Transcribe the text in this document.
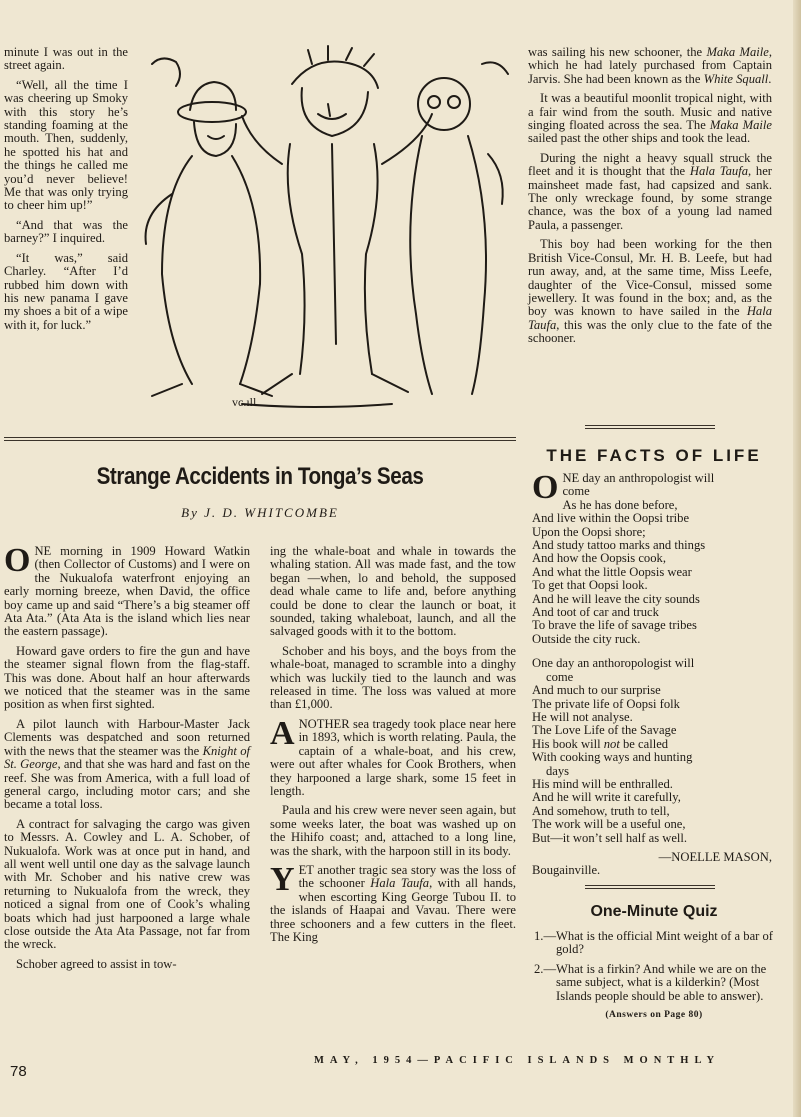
minute I was out in the street again.

“Well, all the time I was cheering up Smoky with this story he’s standing foaming at the mouth. Then, suddenly, he spotted his hat and the things he called me you’d never believe! Me that was only trying to cheer him up!”

“And that was the barney?” I inquired.

“It was,” said Charley. “After I’d rubbed him down with his new panama I gave my shoes a bit of a wipe with it, for luck.”

vc.ıll

was sailing his new schooner, the Maka Maile, which he had lately purchased from Captain Jarvis. She had been known as the White Squall.

It was a beautiful moonlit tropical night, with a fair wind from the south. Music and native singing floated across the sea. The Maka Maile sailed past the other ships and took the lead.

During the night a heavy squall struck the fleet and it is thought that the Hala Taufa, her mainsheet made fast, had capsized and sank. The only wreckage found, by some strange chance, was the box of a young lad named Paula, a passenger.

This boy had been working for the then British Vice-Consul, Mr. H. B. Leefe, but had run away, and, at the same time, Miss Leefe, daughter of the Vice-Consul, missed some jewellery. It was found in the box; and, as the boy was known to have sailed in the Hala Taufa, this was the only clue to the fate of the schooner.

Strange Accidents in Tonga’s Seas
By J. D. WHITCOMBE

ONE morning in 1909 Howard Watkin (then Collector of Customs) and I were on the Nukualofa waterfront enjoying an early morning breeze, when David, the office boy came up and said “There’s a big steamer off Ata Ata.” (Ata Ata is the island which lies near the eastern passage).

Howard gave orders to fire the gun and have the steamer signal flown from the flag-staff. This was done. About half an hour afterwards we noticed that the steamer was in the same position as when first sighted.

A pilot launch with Harbour-Master Jack Clements was despatched and soon returned with the news that the steamer was the Knight of St. George, and that she was hard and fast on the reef. She was from America, with a full load of general cargo, including motor cars; and she became a total loss.

A contract for salvaging the cargo was given to Messrs. A. Cowley and L. A. Schober, of Nukualofa. Work was at once put in hand, and all went well until one day as the salvage launch with Mr. Schober and his native crew was returning to Nukualofa from the wreck, they noticed a signal from one of Cook’s whaling boats which had just harpooned a large whale close outside the Ata Ata Passage, not far from the wreck.

Schober agreed to assist in tow-

ing the whale-boat and whale in towards the whaling station. All was made fast, and the tow began —when, lo and behold, the supposed dead whale came to life and, before anything could be done to clear the launch or boat, it sounded, taking whaleboat, launch, and all the salvaged goods with it to the bottom.

Schober and his boys, and the boys from the whale-boat, managed to scramble into a dinghy which was luckily tied to the launch and was released in time. The loss was valued at more than £1,000.

ANOTHER sea tragedy took place near here in 1893, which is worth relating. Paula, the captain of a whale-boat, and his crew, were out after whales for Cook Brothers, when they harpooned a large shark, some 15 feet in length.

Paula and his crew were never seen again, but some weeks later, the boat was washed up on the Hihifo coast; and, attached to a long line, was the shark, with the harpoon still in its body.

YET another tragic sea story was the loss of the schooner Hala Taufa, with all hands, when escorting King George Tubou II. to the islands of Haapai and Vavau. There were three schooners and a few cutters in the fleet. The King

THE FACTS OF LIFE
ONE day an anthropologist will
come
As he has done before,
And live within the Oopsi tribe
Upon the Oopsi shore;
And study tattoo marks and things
And how the Oopsis cook,
And what the little Oopsis wear
To get that Oopsi look.
And he will leave the city sounds
And toot of car and truck
To brave the life of savage tribes
Outside the city ruck.
One day an anthoropologist will
come
And much to our surprise
The private life of Oopsi folk
He will not analyse.
The Love Life of the Savage
His book will not be called
With cooking ways and hunting
days
His mind will be enthralled.
And he will write it carefully,
And somehow, truth to tell,
The work will be a useful one,
But—it won’t sell half as well.
—NOELLE MASON,
Bougainville.
One-Minute Quiz
1.—What is the official Mint weight of a bar of gold?
2.—What is a firkin? And while we are on the same subject, what is a kilderkin? (Most Islands people should be able to answer).
(Answers on Page 80)
MAY, 1954—PACIFIC ISLANDS MONTHLY
78
